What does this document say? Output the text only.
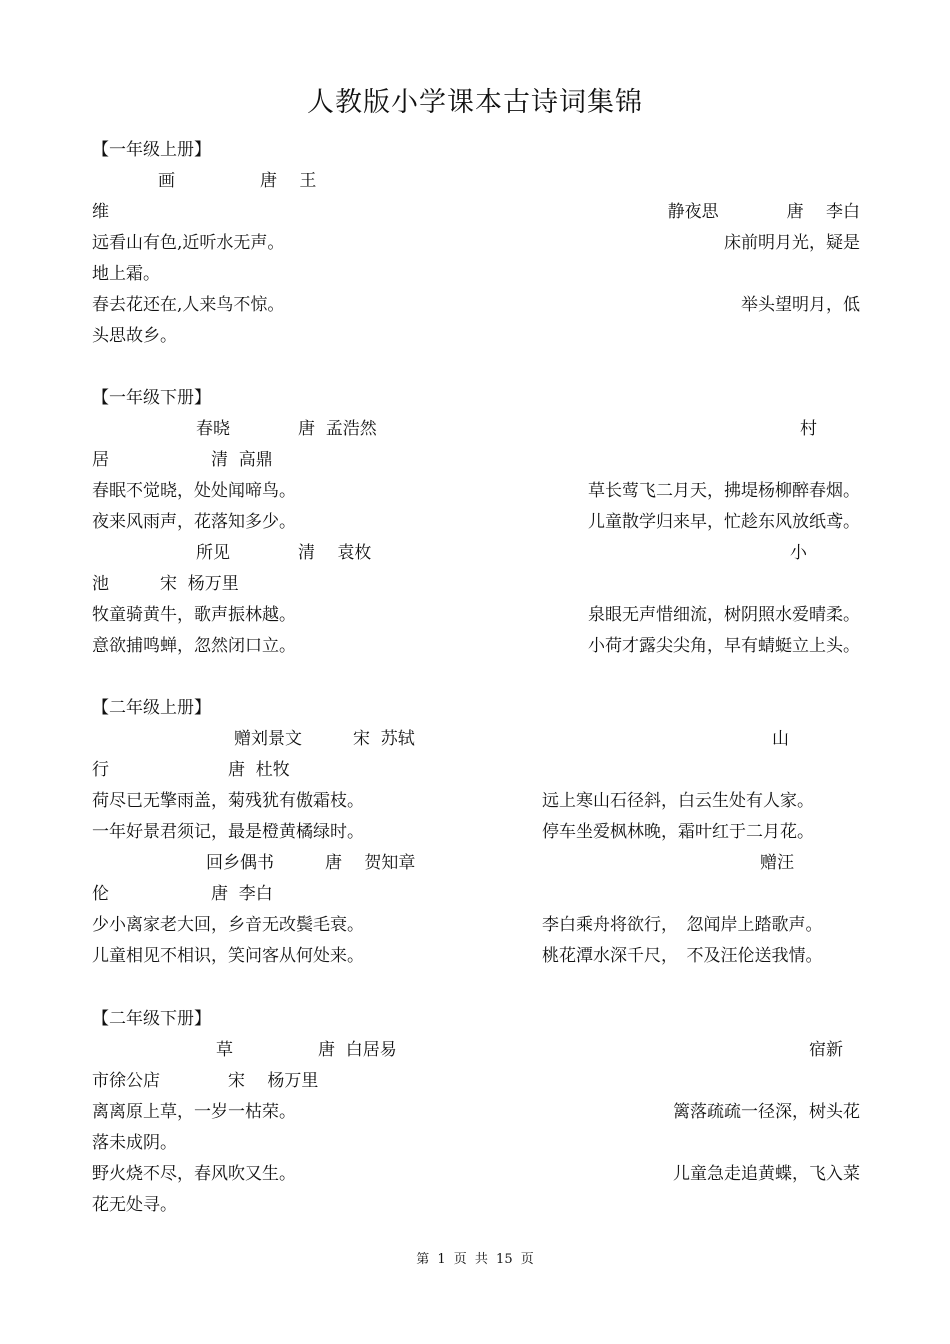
人教版小学课本古诗词集锦
【一年级上册】
画　　　　　唐　 王

维

	静夜思　　　　唐　 李白

远看山有色,近听水无声。

	床前明月光，疑是

地上霜。

春去花还在,人来鸟不惊。

	举头望明月，低

头思故乡。
【一年级下册】

春晓　　　　唐  孟浩然

	村

居　　　　　　清  高鼎

春眠不觉晓，处处闻啼鸟。

	草长莺飞二月天，拂堤杨柳醉春烟。

夜来风雨声，花落知多少。

	儿童散学归来早，忙趁东风放纸鸢。

所见　　　　清　 袁枚

	小

池　　　宋  杨万里

牧童骑黄牛，歌声振林越。

	泉眼无声惜细流，树阴照水爱晴柔。

意欲捕鸣蝉，忽然闭口立。

	小荷才露尖尖角，早有蜻蜓立上头。

【二年级上册】

赠刘景文　　　宋  苏轼

	山

行　　　　　　　唐  杜牧

荷尽已无擎雨盖，菊残犹有傲霜枝。

	远上寒山石径斜，白云生处有人家。

一年好景君须记，最是橙黄橘绿时。

	停车坐爱枫林晚，霜叶红于二月花。

回乡偶书　　　唐　 贺知章

	赠汪

伦　　　　　　唐  李白

少小离家老大回，乡音无改鬓毛衰。

	李白乘舟将欲行，　忽闻岸上踏歌声。

儿童相见不相识，笑问客从何处来。

	桃花潭水深千尺，　不及汪伦送我情。

【二年级下册】

草　　　　　唐  白居易

	宿新

市徐公店　　　　宋　 杨万里

离离原上草，一岁一枯荣。

	篱落疏疏一径深，树头花

落未成阴。

野火烧不尽，春风吹又生。

	儿童急走追黄蝶，飞入菜

花无处寻。
第 1 页 共 15 页
